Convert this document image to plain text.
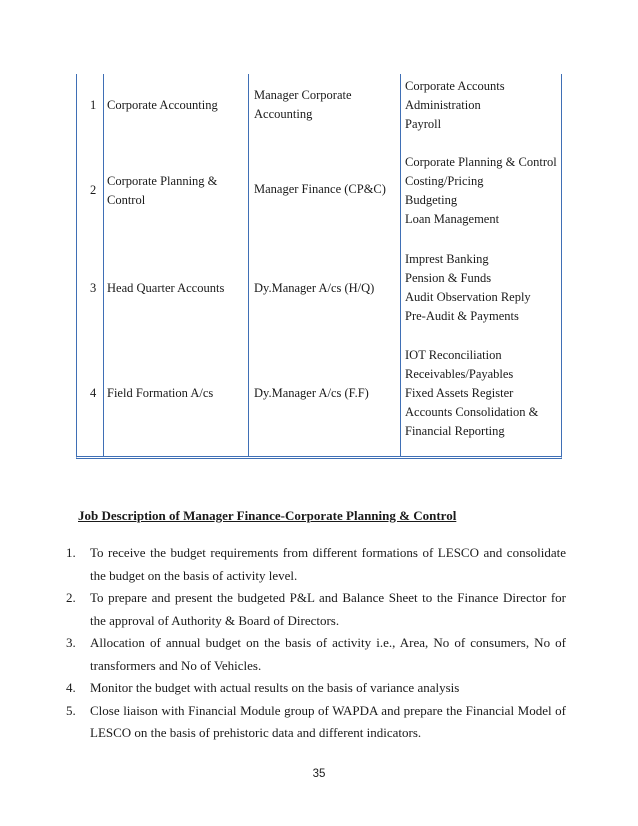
1 Corporate Accounting
Manager Corporate
Accounting
Corporate Accounts
Administration
Payroll
2
Corporate Planning &
Control
Manager Finance (CP&C)
Corporate Planning & Control
Costing/Pricing
Budgeting
Loan Management
3 Head Quarter Accounts Dy.Manager A/cs (H/Q)
Imprest Banking
Pension & Funds
Audit Observation Reply
Pre-Audit & Payments
4 Field Formation A/cs	Dy.Manager A/cs (F.F)
IOT Reconciliation
Receivables/Payables
Fixed Assets Register
Accounts Consolidation &
Financial Reporting
Job Description of Manager Finance-Corporate Planning & Control
1. To receive the budget requirements from different formations of LESCO and consolidate the budget on the basis of activity level.
2. To prepare and present the budgeted P&L and Balance Sheet to the Finance Director for the approval of Authority & Board of Directors.
3. Allocation of annual budget on the basis of activity i.e., Area, No of consumers, No of transformers and No of Vehicles.
4. Monitor the budget with actual results on the basis of variance analysis
5. Close liaison with Financial Module group of WAPDA and prepare the Financial Model of LESCO on the basis of prehistoric data and different indicators.
35
